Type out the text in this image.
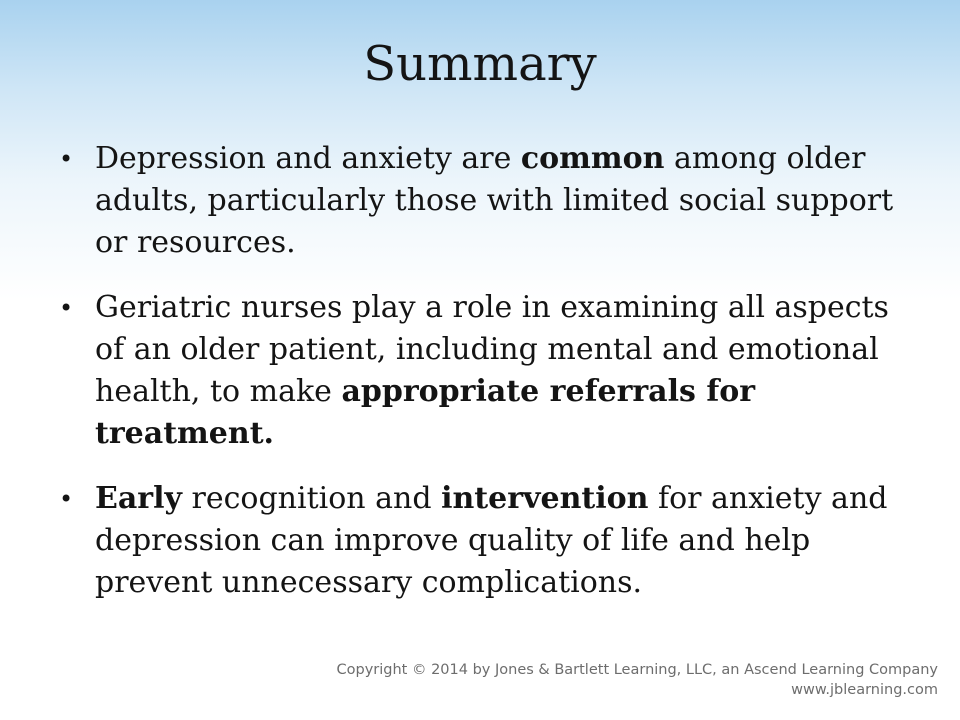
Summary
• Depression and anxiety are common among older adults, particularly those with limited social support or resources.
• Geriatric nurses play a role in examining all aspects of an older patient, including mental and emotional health, to make appropriate referrals for treatment.
• Early recognition and intervention for anxiety and depression can improve quality of life and help prevent unnecessary complications.
Copyright © 2014 by Jones & Bartlett Learning, LLC, an Ascend Learning Company
www.jblearning.com
